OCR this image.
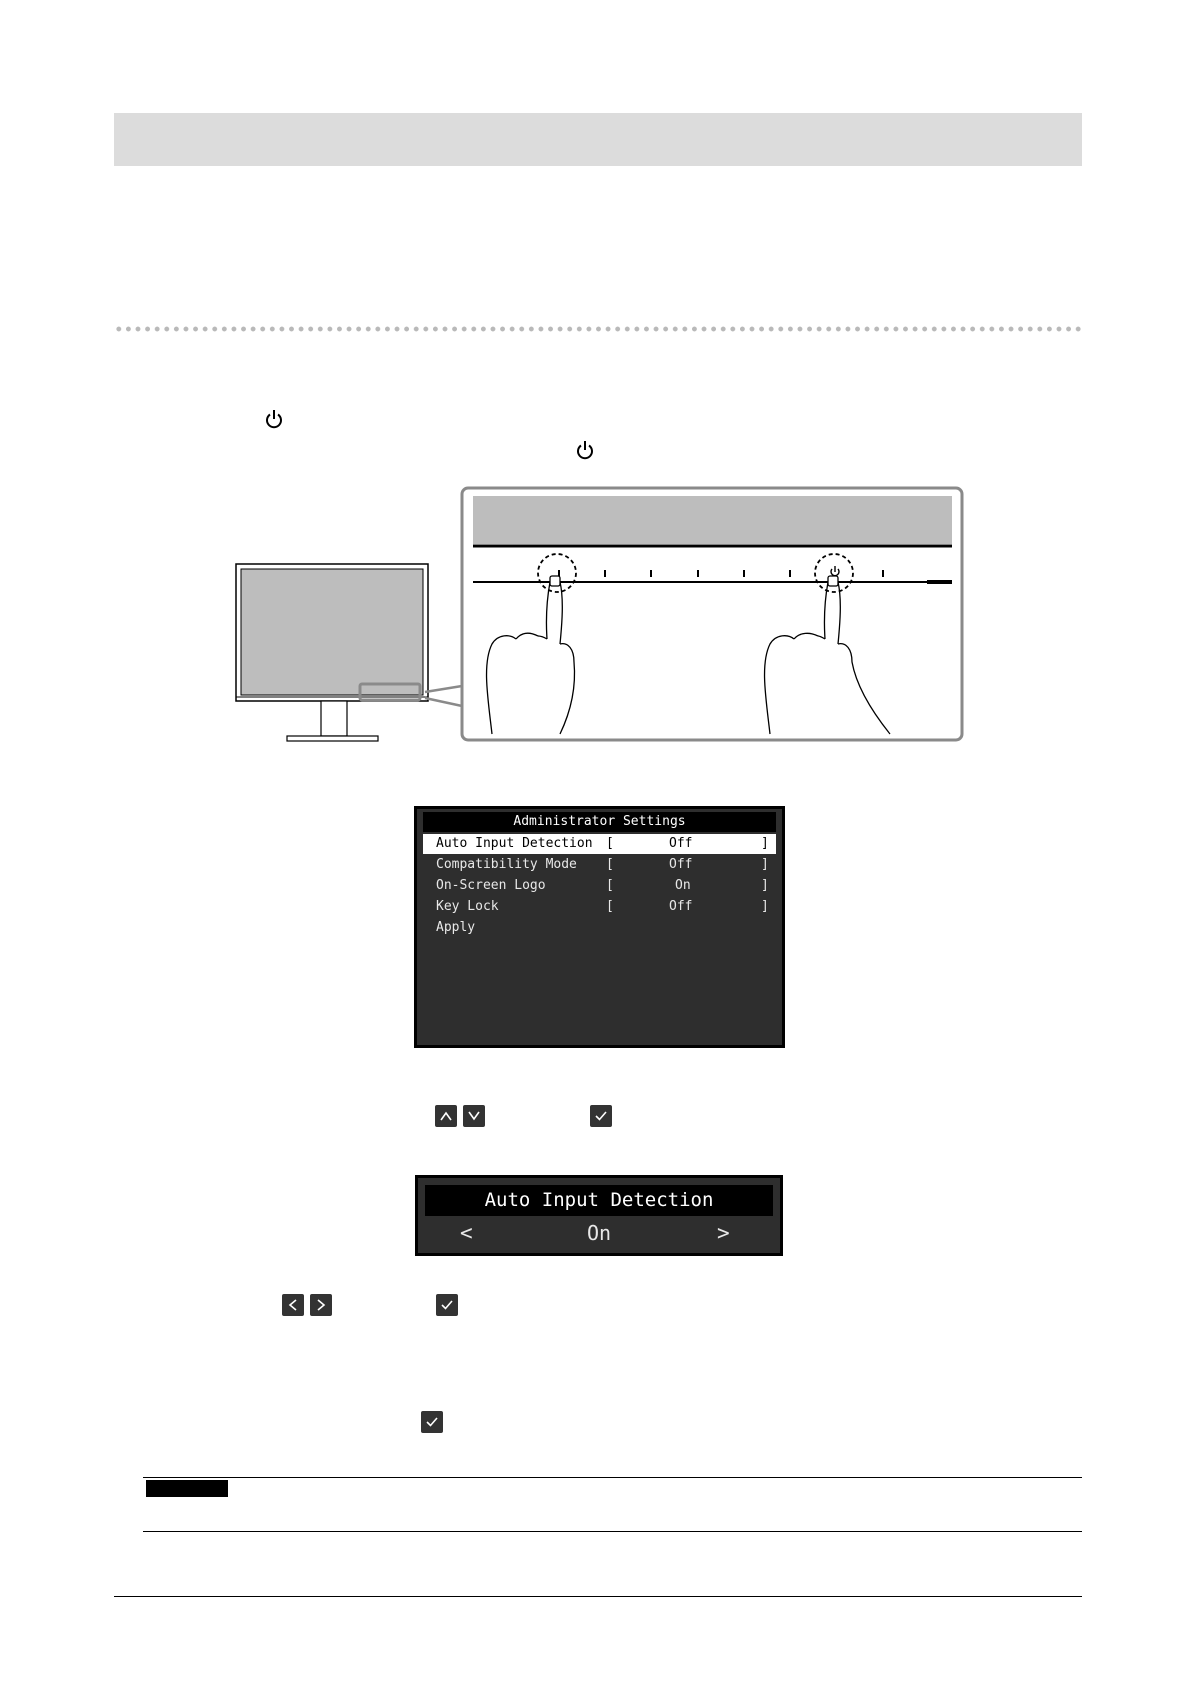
Administrator Settings
Auto Input Detection [	Off	]
Compatibility Mode [	Off	]
On-Screen Logo	[	On	]
Key Lock	[	Off	]
Apply
Auto Input Detection
<	On	>
